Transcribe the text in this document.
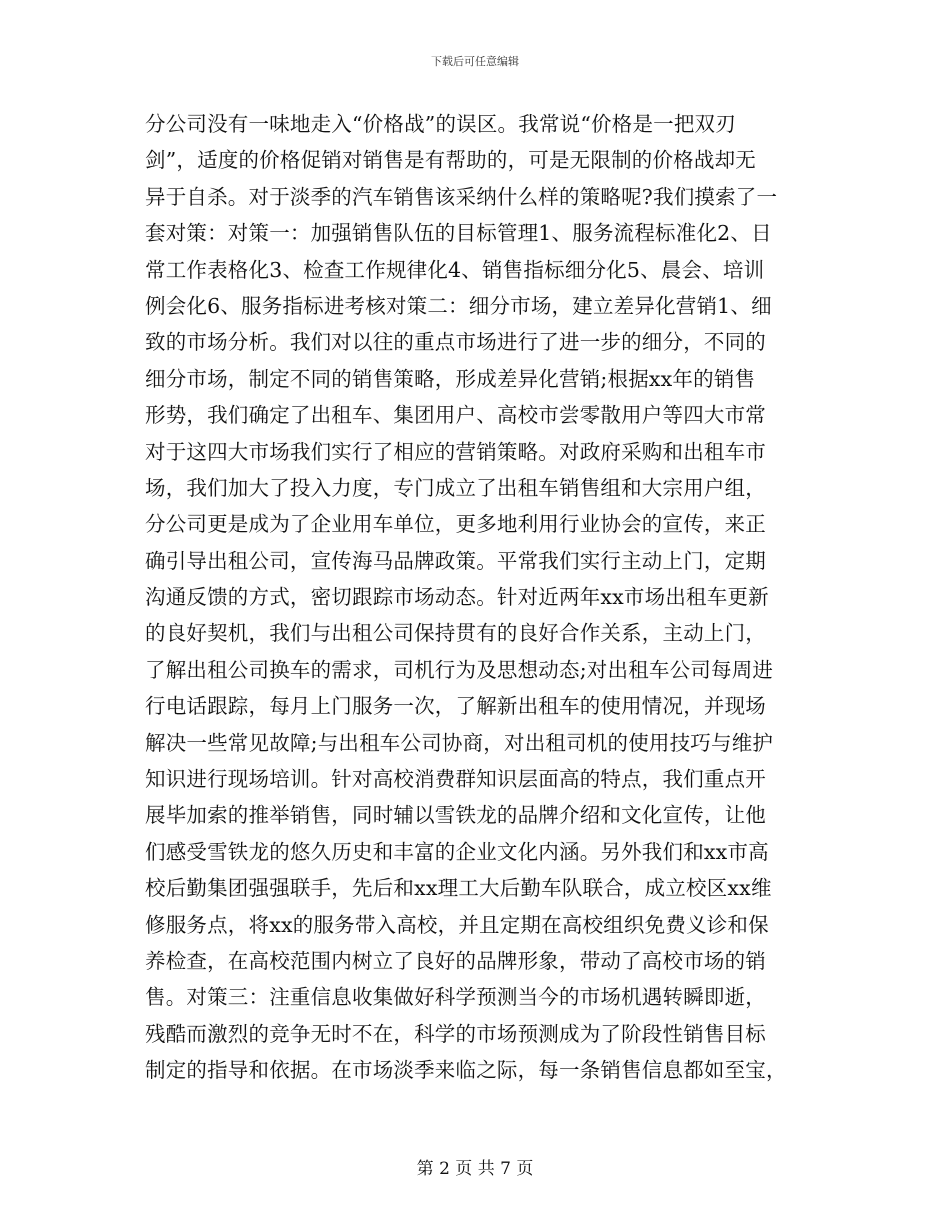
下载后可任意编辑
分公司没有一味地走入“价格战”的误区。我常说“价格是一把双刃
剑”，适度的价格促销对销售是有帮助的，可是无限制的价格战却无
异于自杀。对于淡季的汽车销售该采纳什么样的策略呢?我们摸索了一
套对策：对策一：加强销售队伍的目标管理1、服务流程标准化2、日
常工作表格化3、检查工作规律化4、销售指标细分化5、晨会、培训
例会化6、服务指标进考核对策二：细分市场，建立差异化营销1、细
致的市场分析。我们对以往的重点市场进行了进一步的细分，不同的
细分市场，制定不同的销售策略，形成差异化营销;根据xx年的销售
形势，我们确定了出租车、集团用户、高校市尝零散用户等四大市常
对于这四大市场我们实行了相应的营销策略。对政府采购和出租车市
场，我们加大了投入力度，专门成立了出租车销售组和大宗用户组，
分公司更是成为了企业用车单位，更多地利用行业协会的宣传，来正
确引导出租公司，宣传海马品牌政策。平常我们实行主动上门，定期
沟通反馈的方式，密切跟踪市场动态。针对近两年xx市场出租车更新
的良好契机，我们与出租公司保持贯有的良好合作关系，主动上门，
了解出租公司换车的需求，司机行为及思想动态;对出租车公司每周进
行电话跟踪，每月上门服务一次，了解新出租车的使用情况，并现场
解决一些常见故障;与出租车公司协商，对出租司机的使用技巧与维护
知识进行现场培训。针对高校消费群知识层面高的特点，我们重点开
展毕加索的推举销售，同时辅以雪铁龙的品牌介绍和文化宣传，让他
们感受雪铁龙的悠久历史和丰富的企业文化内涵。另外我们和xx市高
校后勤集团强强联手，先后和xx理工大后勤车队联合，成立校区xx维
修服务点，将xx的服务带入高校，并且定期在高校组织免费义诊和保
养检查，在高校范围内树立了良好的品牌形象，带动了高校市场的销
售。对策三：注重信息收集做好科学预测当今的市场机遇转瞬即逝，
残酷而激烈的竞争无时不在，科学的市场预测成为了阶段性销售目标
制定的指导和依据。在市场淡季来临之际，每一条销售信息都如至宝，
第 2 页 共 7 页
